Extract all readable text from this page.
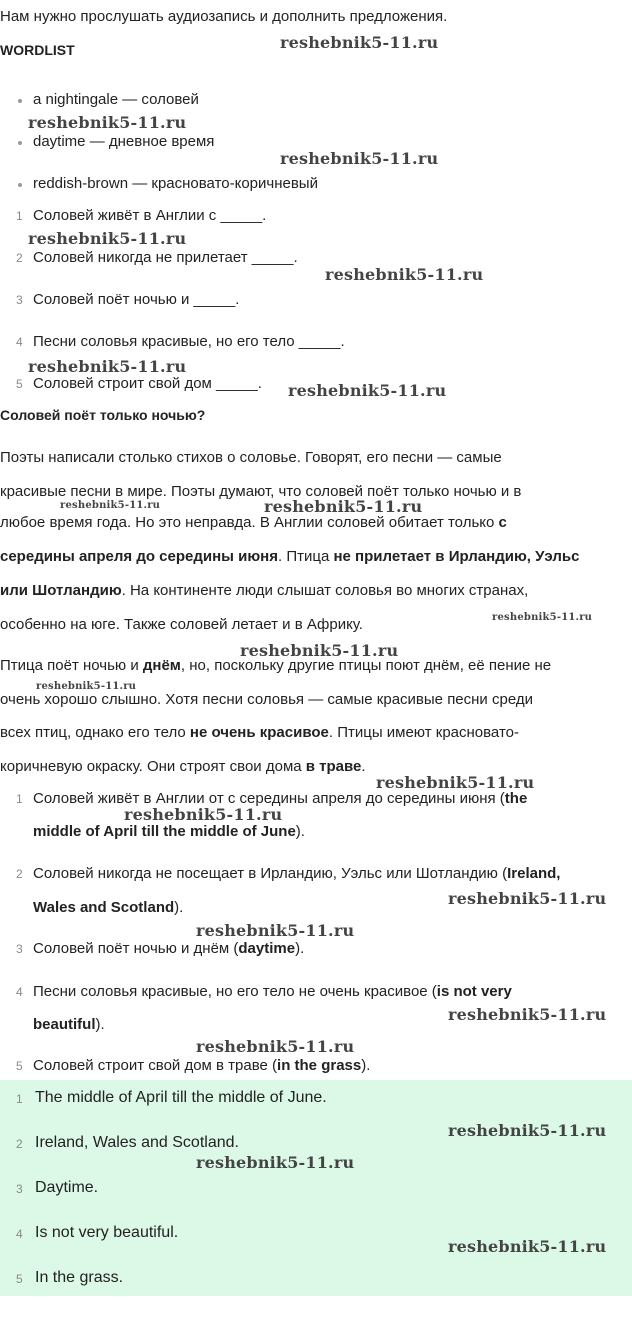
Нам нужно прослушать аудиозапись и дополнить предложения.
WORDLIST
a nightingale — соловей
daytime — дневное время
reddish-brown — красновато-коричневый
1 Соловей живёт в Англии с _____.
2 Соловей никогда не прилетает _____.
3 Соловей поёт ночью и _____.
4 Песни соловья красивые, но его тело _____.
5 Соловей строит свой дом _____.
Соловей поёт только ночью?
Поэты написали столько стихов о соловье. Говорят, его песни — самые
красивые песни в мире. Поэты думают, что соловей поёт только ночью и в
любое время года. Но это неправда. В Англии соловей обитает только с
середины апреля до середины июня. Птица не прилетает в Ирландию, Уэльс
или Шотландию. На континенте люди слышат соловья во многих странах,
особенно на юге. Также соловей летает и в Африку.
Птица поёт ночью и днём, но, поскольку другие птицы поют днём, её пение не
очень хорошо слышно. Хотя песни соловья — самые красивые песни среди
всех птиц, однако его тело не очень красивое. Птицы имеют красновато-
коричневую окраску. Они строят свои дома в траве.
1 Соловей живёт в Англии от с середины апреля до середины июня (the
middle of April till the middle of June).
2 Соловей никогда не посещает в Ирландию, Уэльс или Шотландию (Ireland,
Wales and Scotland).
3 Соловей поёт ночью и днём (daytime).
4 Песни соловья красивые, но его тело не очень красивое (is not very
beautiful).
5 Соловей строит свой дом в траве (in the grass).
1 The middle of April till the middle of June.
2 Ireland, Wales and Scotland.
3 Daytime.
4 Is not very beautiful.
5 In the grass.
reshebnik5-11.ru
reshebnik5-11.ru
reshebnik5-11.ru
reshebnik5-11.ru
reshebnik5-11.ru
reshebnik5-11.ru
reshebnik5-11.ru
reshebnik5-11.ru	reshebnik5-11.ru
reshebnik5-11.ru
reshebnik5-11.ru
reshebnik5-11.ru
reshebnik5-11.ru
reshebnik5-11.ru
reshebnik5-11.ru
reshebnik5-11.ru
reshebnik5-11.ru
reshebnik5-11.ru
reshebnik5-11.ru
reshebnik5-11.ru
reshebnik5-11.ru
